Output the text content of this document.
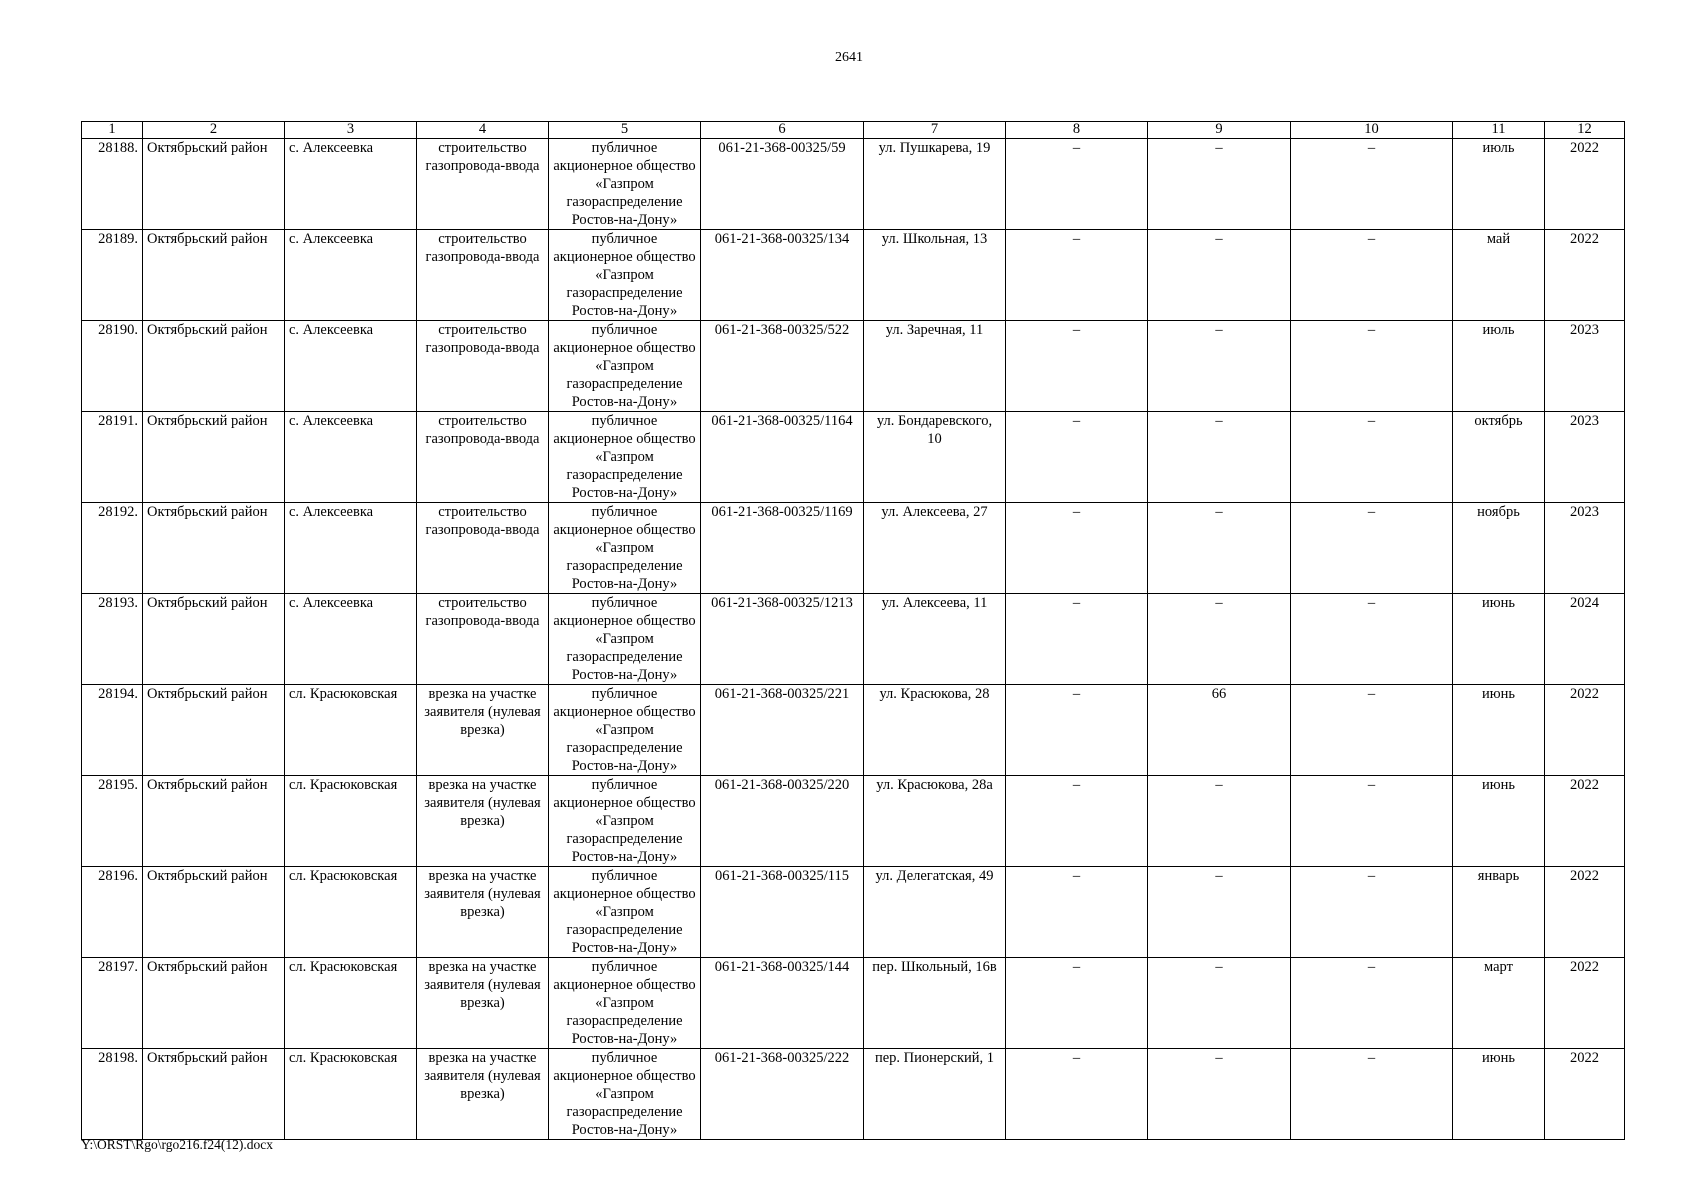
2641
1	2	3	4	5	6	7	8	9	10	11	12
28188.	Октябрьский район	с. Алексеевка	строительство газопровода-ввода	публичное акционерное общество «Газпром газораспределение Ростов-на-Дону»	061-21-368-00325/59	ул. Пушкарева, 19	–	–	–	июль	2022
28189.	Октябрьский район	с. Алексеевка	строительство газопровода-ввода	публичное акционерное общество «Газпром газораспределение Ростов-на-Дону»	061-21-368-00325/134	ул. Школьная, 13	–	–	–	май	2022
28190.	Октябрьский район	с. Алексеевка	строительство газопровода-ввода	публичное акционерное общество «Газпром газораспределение Ростов-на-Дону»	061-21-368-00325/522	ул. Заречная, 11	–	–	–	июль	2023
28191.	Октябрьский район	с. Алексеевка	строительство газопровода-ввода	публичное акционерное общество «Газпром газораспределение Ростов-на-Дону»	061-21-368-00325/1164	ул. Бондаревского, 10	–	–	–	октябрь	2023
28192.	Октябрьский район	с. Алексеевка	строительство газопровода-ввода	публичное акционерное общество «Газпром газораспределение Ростов-на-Дону»	061-21-368-00325/1169	ул. Алексеева, 27	–	–	–	ноябрь	2023
28193.	Октябрьский район	с. Алексеевка	строительство газопровода-ввода	публичное акционерное общество «Газпром газораспределение Ростов-на-Дону»	061-21-368-00325/1213	ул. Алексеева, 11	–	–	–	июнь	2024
28194.	Октябрьский район	сл. Красюковская	врезка на участке заявителя (нулевая врезка)	публичное акционерное общество «Газпром газораспределение Ростов-на-Дону»	061-21-368-00325/221	ул. Красюкова, 28	–	66	–	июнь	2022
28195.	Октябрьский район	сл. Красюковская	врезка на участке заявителя (нулевая врезка)	публичное акционерное общество «Газпром газораспределение Ростов-на-Дону»	061-21-368-00325/220	ул. Красюкова, 28а	–	–	–	июнь	2022
28196.	Октябрьский район	сл. Красюковская	врезка на участке заявителя (нулевая врезка)	публичное акционерное общество «Газпром газораспределение Ростов-на-Дону»	061-21-368-00325/115	ул. Делегатская, 49	–	–	–	январь	2022
28197.	Октябрьский район	сл. Красюковская	врезка на участке заявителя (нулевая врезка)	публичное акционерное общество «Газпром газораспределение Ростов-на-Дону»	061-21-368-00325/144	пер. Школьный, 16в	–	–	–	март	2022
28198.	Октябрьский район	сл. Красюковская	врезка на участке заявителя (нулевая врезка)	публичное акционерное общество «Газпром газораспределение Ростов-на-Дону»	061-21-368-00325/222	пер. Пионерский, 1	–	–	–	июнь	2022
Y:\ORST\Rgo\rgo216.f24(12).docx
